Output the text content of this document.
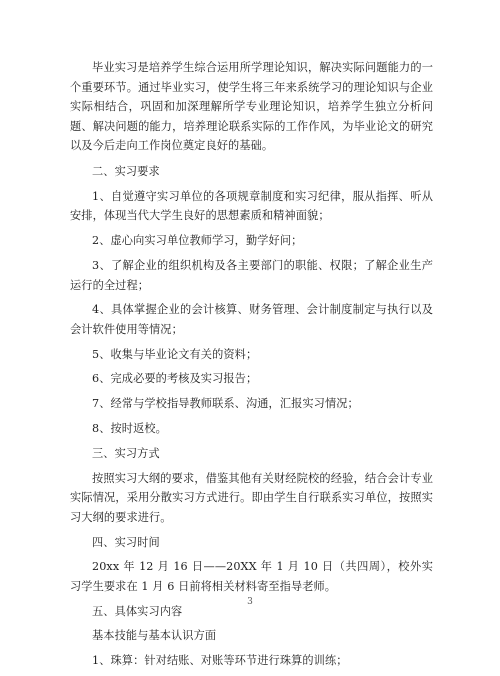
毕业实习是培养学生综合运用所学理论知识，解决实际问题能力的一个重要环节。通过毕业实习，使学生将三年来系统学习的理论知识与企业实际相结合，巩固和加深理解所学专业理论知识，培养学生独立分析问题、解决问题的能力，培养理论联系实际的工作作风，为毕业论文的研究以及今后走向工作岗位奠定良好的基础。

二、实习要求

1、自觉遵守实习单位的各项规章制度和实习纪律，服从指挥、听从安排，体现当代大学生良好的思想素质和精神面貌；

2、虚心向实习单位教师学习，勤学好问；

3、了解企业的组织机构及各主要部门的职能、权限；了解企业生产运行的全过程；

4、具体掌握企业的会计核算、财务管理、会计制度制定与执行以及会计软件使用等情况；

5、收集与毕业论文有关的资料；

6、完成必要的考核及实习报告；

7、经常与学校指导教师联系、沟通，汇报实习情况；

8、按时返校。

三、实习方式

按照实习大纲的要求，借鉴其他有关财经院校的经验，结合会计专业实际情况，采用分散实习方式进行。即由学生自行联系实习单位，按照实习大纲的要求进行。

四、实习时间

20xx 年 12 月 16 日——20XX 年 1 月 10 日（共四周），校外实习学生要求在 1 月 6 日前将相关材料寄至指导老师。

五、具体实习内容

基本技能与基本认识方面

1、珠算：针对结账、对账等环节进行珠算的训练；

3
